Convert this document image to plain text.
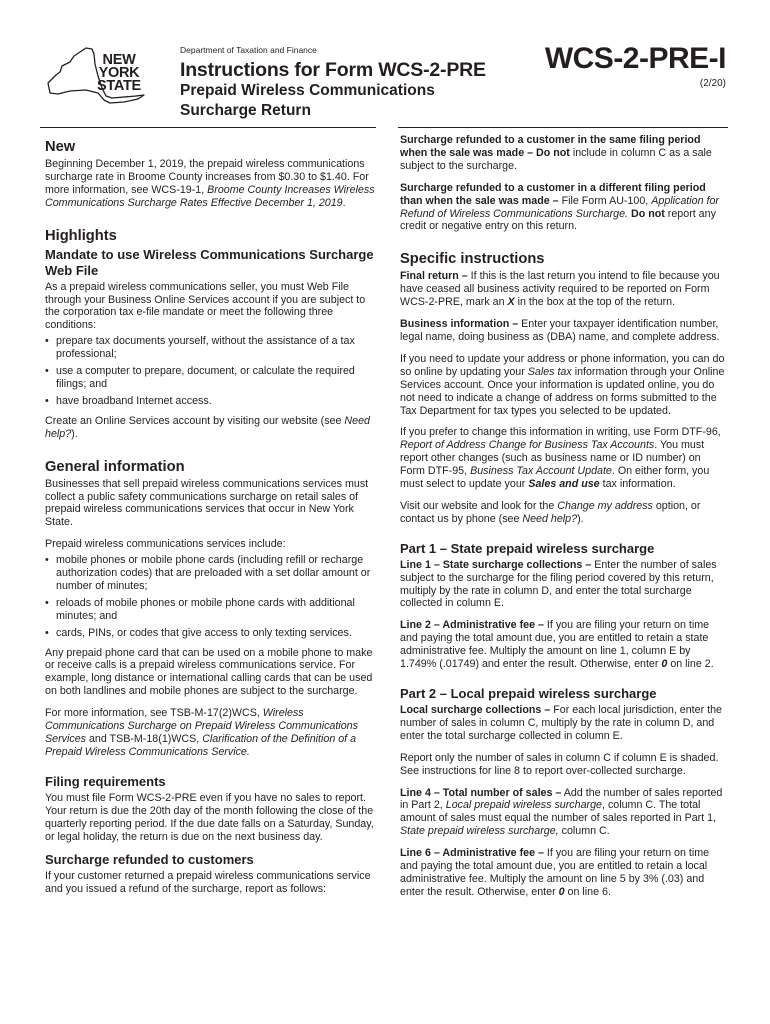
NEW
YORK
STATE
Department of Taxation and Finance
Instructions for Form WCS-2-PRE
Prepaid Wireless Communications Surcharge Return
WCS-2-PRE-I
(2/20)
New

Beginning December 1, 2019, the prepaid wireless communications surcharge rate in Broome County increases from $0.30 to $1.40. For more information, see WCS-19-1, Broome County Increases Wireless Communications Surcharge Rates Effective December 1, 2019.

Highlights
Mandate to use Wireless Communications Surcharge Web File

As a prepaid wireless communications seller, you must Web File through your Business Online Services account if you are subject to the corporation tax e-file mandate or meet the following three conditions:

• prepare tax documents yourself, without the assistance of a tax professional;
• use a computer to prepare, document, or calculate the required filings; and
• have broadband Internet access.

Create an Online Services account by visiting our website (see Need help?).

General information

Businesses that sell prepaid wireless communications services must collect a public safety communications surcharge on retail sales of prepaid wireless communications services that occur in New York State.

Prepaid wireless communications services include:

• mobile phones or mobile phone cards (including refill or recharge authorization codes) that are preloaded with a set dollar amount or number of minutes;
• reloads of mobile phones or mobile phone cards with additional minutes; and
• cards, PINs, or codes that give access to only texting services.

Any prepaid phone card that can be used on a mobile phone to make or receive calls is a prepaid wireless communications service. For example, long distance or international calling cards that can be used on both landlines and mobile phones are subject to the surcharge.

For more information, see TSB-M-17(2)WCS, Wireless Communications Surcharge on Prepaid Wireless Communications Services and TSB-M-18(1)WCS, Clarification of the Definition of a Prepaid Wireless Communications Service.

Filing requirements

You must file Form WCS-2-PRE even if you have no sales to report. Your return is due the 20th day of the month following the close of the quarterly reporting period. If the due date falls on a Saturday, Sunday, or legal holiday, the return is due on the next business day.

Surcharge refunded to customers

If your customer returned a prepaid wireless communications service and you issued a refund of the surcharge, report as follows:

Surcharge refunded to a customer in the same filing period when the sale was made – Do not include in column C as a sale subject to the surcharge.

Surcharge refunded to a customer in a different filing period than when the sale was made – File Form AU-100, Application for Refund of Wireless Communications Surcharge. Do not report any credit or negative entry on this return.

Specific instructions

Final return – If this is the last return you intend to file because you have ceased all business activity required to be reported on Form WCS-2-PRE, mark an X in the box at the top of the return.

Business information – Enter your taxpayer identification number, legal name, doing business as (DBA) name, and complete address.

If you need to update your address or phone information, you can do so online by updating your Sales tax information through your Online Services account. Once your information is updated online, you do not need to indicate a change of address on forms submitted to the Tax Department for tax types you selected to be updated.

If you prefer to change this information in writing, use Form DTF-96, Report of Address Change for Business Tax Accounts. You must report other changes (such as business name or ID number) on Form DTF-95, Business Tax Account Update. On either form, you must select to update your Sales and use tax information.

Visit our website and look for the Change my address option, or contact us by phone (see Need help?).

Part 1 – State prepaid wireless surcharge

Line 1 – State surcharge collections – Enter the number of sales subject to the surcharge for the filing period covered by this return, multiply by the rate in column D, and enter the total surcharge collected in column E.

Line 2 – Administrative fee – If you are filing your return on time and paying the total amount due, you are entitled to retain a state administrative fee. Multiply the amount on line 1, column E by 1.749% (.01749) and enter the result. Otherwise, enter 0 on line 2.

Part 2 – Local prepaid wireless surcharge

Local surcharge collections – For each local jurisdiction, enter the number of sales in column C, multiply by the rate in column D, and enter the total surcharge collected in column E.

Report only the number of sales in column C if column E is shaded. See instructions for line 8 to report over-collected surcharge.

Line 4 – Total number of sales – Add the number of sales reported in Part 2, Local prepaid wireless surcharge, column C. The total amount of sales must equal the number of sales reported in Part 1, State prepaid wireless surcharge, column C.

Line 6 – Administrative fee – If you are filing your return on time and paying the total amount due, you are entitled to retain a local administrative fee. Multiply the amount on line 5 by 3% (.03) and enter the result. Otherwise, enter 0 on line 6.
